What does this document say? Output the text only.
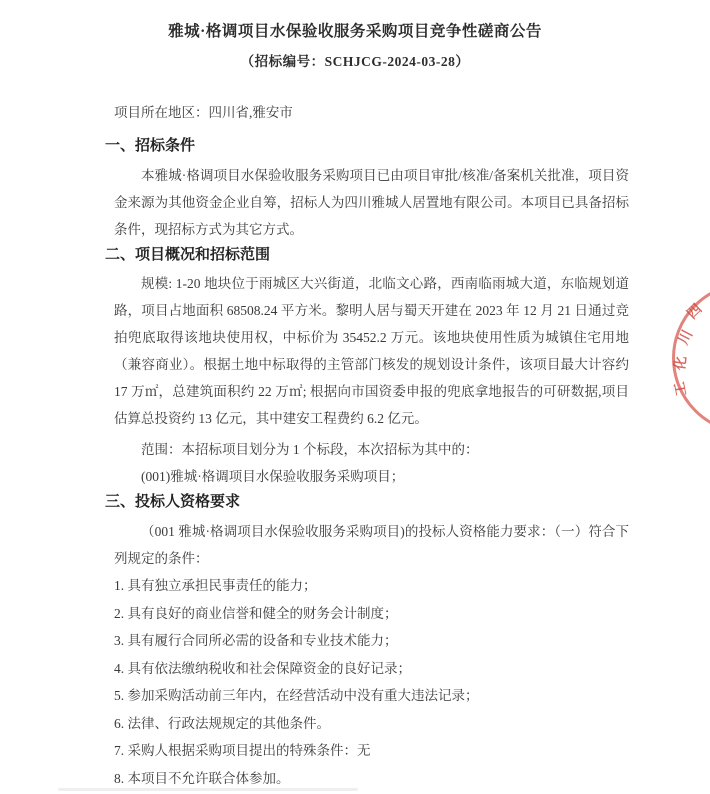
雅城·格调项目水保验收服务采购项目竞争性磋商公告
（招标编号：SCHJCG-2024-03-28）
项目所在地区：四川省,雅安市
一、招标条件

本雅城·格调项目水保验收服务采购项目已由项目审批/核准/备案机关批准，项目资金来源为其他资金企业自筹，招标人为四川雅城人居置地有限公司。本项目已具备招标条件，现招标方式为其它方式。

二、项目概况和招标范围

规模: 1-20 地块位于雨城区大兴街道，北临文心路，西南临雨城大道，东临规划道路，项目占地面积 68508.24 平方米。黎明人居与蜀天开建在 2023 年 12 月 21 日通过竞拍兜底取得该地块使用权，中标价为 35452.2 万元。该地块使用性质为城镇住宅用地（兼容商业）。根据土地中标取得的主管部门核发的规划设计条件，该项目最大计容约 17 万㎡，总建筑面积约 22 万㎡; 根据向市国资委申报的兜底拿地报告的可研数据,项目估算总投资约 13 亿元，其中建安工程费约 6.2 亿元。

范围：本招标项目划分为 1 个标段，本次招标为其中的：

(001)雅城·格调项目水保验收服务采购项目；

三、投标人资格要求

（001 雅城·格调项目水保验收服务采购项目)的投标人资格能力要求：（一）符合下列规定的条件：

1. 具有独立承担民事责任的能力；
2. 具有良好的商业信誉和健全的财务会计制度；
3. 具有履行合同所必需的设备和专业技术能力；
4. 具有依法缴纳税收和社会保障资金的良好记录；
5. 参加采购活动前三年内，在经营活动中没有重大违法记录；
6. 法律、行政法规规定的其他条件。
7. 采购人根据采购项目提出的特殊条件：无
8. 本项目不允许联合体参加。
四
川
化
工
